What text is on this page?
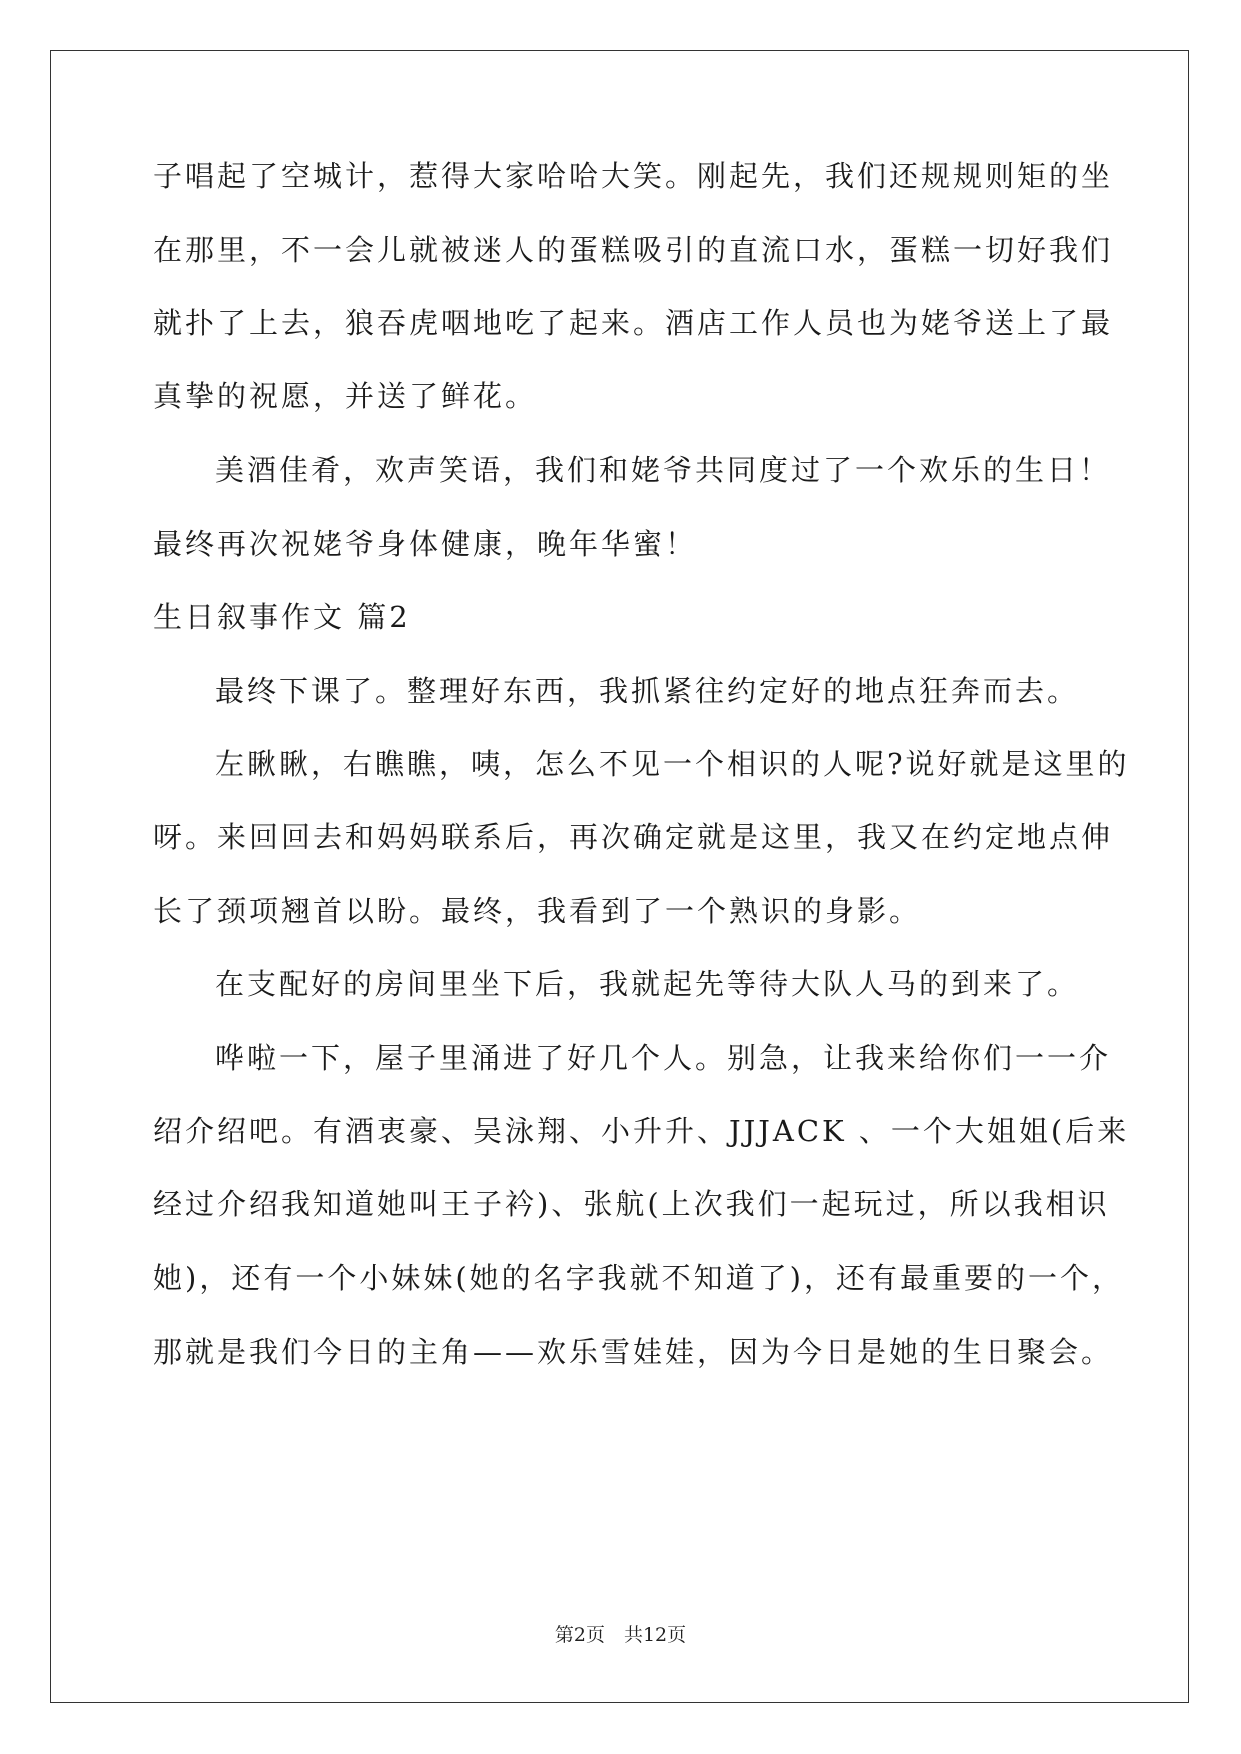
子唱起了空城计，惹得大家哈哈大笑。刚起先，我们还规规则矩的坐

在那里，不一会儿就被迷人的蛋糕吸引的直流口水，蛋糕一切好我们

就扑了上去，狼吞虎咽地吃了起来。酒店工作人员也为姥爷送上了最

真挚的祝愿，并送了鲜花。

美酒佳肴，欢声笑语，我们和姥爷共同度过了一个欢乐的生日！

最终再次祝姥爷身体健康，晚年华蜜！

生日叙事作文 篇2

最终下课了。整理好东西，我抓紧往约定好的地点狂奔而去。

左瞅瞅，右瞧瞧，咦，怎么不见一个相识的人呢?说好就是这里的

呀。来回回去和妈妈联系后，再次确定就是这里，我又在约定地点伸

长了颈项翘首以盼。最终，我看到了一个熟识的身影。

在支配好的房间里坐下后，我就起先等待大队人马的到来了。

哗啦一下，屋子里涌进了好几个人。别急，让我来给你们一一介

绍介绍吧。有酒衷豪、吴泳翔、小升升、JJJACK 、一个大姐姐(后来

经过介绍我知道她叫王子衿)、张航(上次我们一起玩过，所以我相识

她)，还有一个小妹妹(她的名字我就不知道了)，还有最重要的一个，

那就是我们今日的主角——欢乐雪娃娃，因为今日是她的生日聚会。

第2页　共12页
